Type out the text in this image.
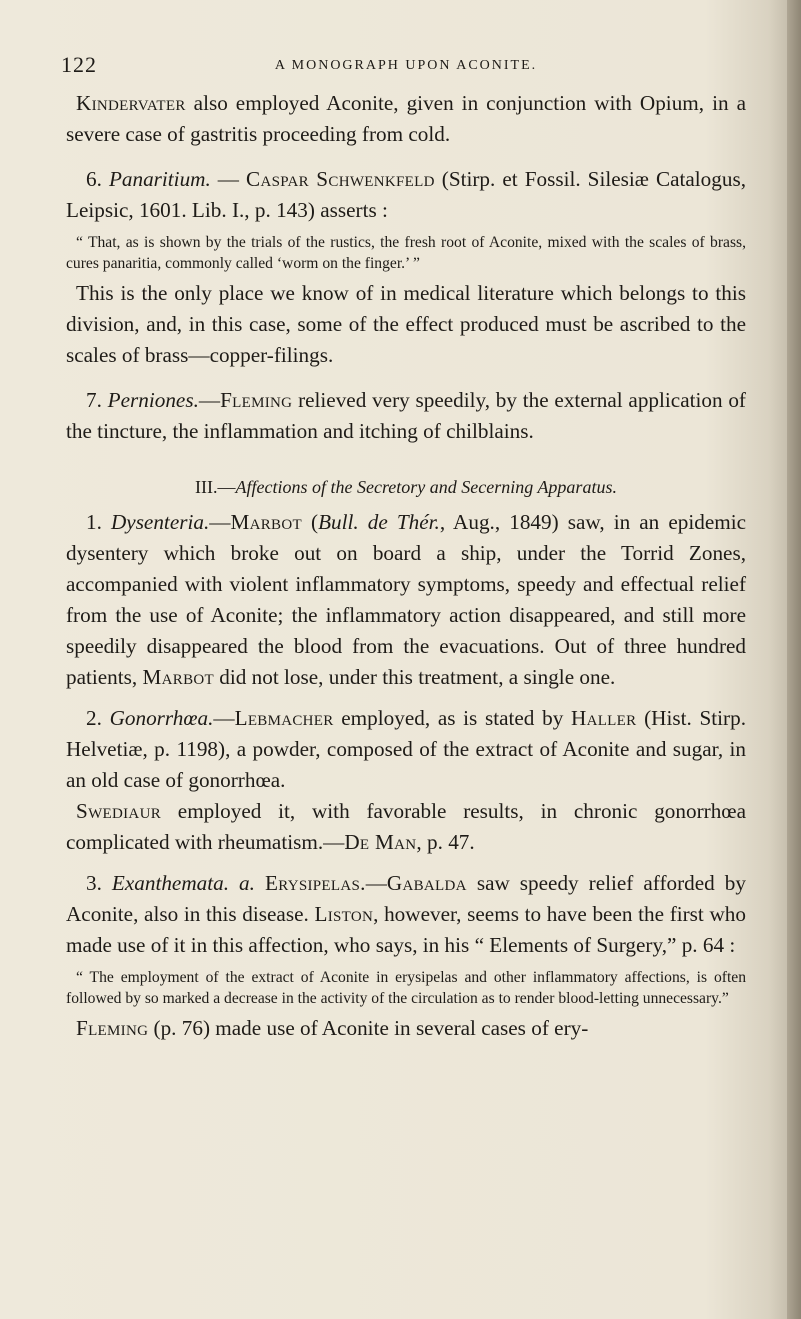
122	A MONOGRAPH UPON ACONITE.

Kindervater also employed Aconite, given in conjunction with Opium, in a severe case of gastritis proceeding from cold.

6. Panaritium. — Caspar Schwenkfeld (Stirp. et Fossil. Silesiæ Catalogus, Leipsic, 1601. Lib. I., p. 143) asserts :

“ That, as is shown by the trials of the rustics, the fresh root of Aconite, mixed with the scales of brass, cures panaritia, commonly called ‘worm on the finger.’ ”

This is the only place we know of in medical literature which belongs to this division, and, in this case, some of the effect produced must be ascribed to the scales of brass—copper-filings.

7. Perniones.—Fleming relieved very speedily, by the external application of the tincture, the inflammation and itching of chilblains.

III.—Affections of the Secretory and Secerning Apparatus.

1. Dysenteria.—Marbot (Bull. de Thér., Aug., 1849) saw, in an epidemic dysentery which broke out on board a ship, under the Torrid Zones, accompanied with violent inflammatory symptoms, speedy and effectual relief from the use of Aconite; the inflammatory action disappeared, and still more speedily disappeared the blood from the evacuations. Out of three hundred patients, Marbot did not lose, under this treatment, a single one.

2. Gonorrhœa.—Lebmacher employed, as is stated by Haller (Hist. Stirp. Helvetiæ, p. 1198), a powder, composed of the extract of Aconite and sugar, in an old case of gonorrhœa.

Swediaur employed it, with favorable results, in chronic gonorrhœa complicated with rheumatism.—De Man, p. 47.

3. Exanthemata. a. Erysipelas.—Gabalda saw speedy relief afforded by Aconite, also in this disease. Liston, however, seems to have been the first who made use of it in this affection, who says, in his “ Elements of Surgery,” p. 64 :

“ The employment of the extract of Aconite in erysipelas and other inflammatory affections, is often followed by so marked a decrease in the activity of the circulation as to render blood-letting unnecessary.”

Fleming (p. 76) made use of Aconite in several cases of ery-
